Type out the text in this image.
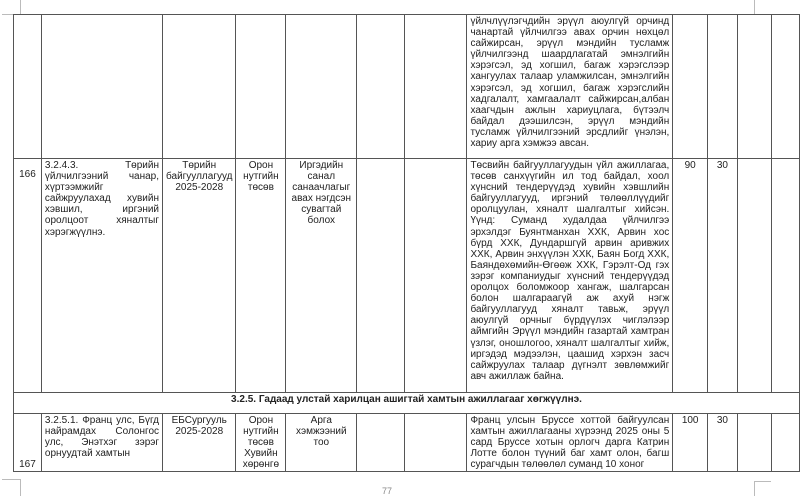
							үйлчлүүлэгчдийн эрүүл аюулгүй орчинд чанартай үйлчилгээ авах орчин нөхцөл сайжирсан, эрүүл мэндийн тусламж үйлчилгээнд шаардлагатай эмнэлгийн хэрэгсэл, эд хогшил, багаж хэрэгслээр хангуулах талаар уламжилсан, эмнэлгийн хэрэгсэл, эд хогшил, багаж хэрэгслийн хадгалалт, хамгаалалт сайжирсан,албан хаагчдын ажлын хариуцлага, бүтээлч байдал дээшилсэн, эрүүл мэндийн тусламж үйлчилгээний эрсдлийг үнэлэн, хариу арга хэмжээ авсан.				
166	3.2.4.3. Төрийн үйлчилгээний чанар, хүртээмжийг сайжруулахад хувийн хэвшил, иргэний оролцоот хяналтыг хэрэгжүүлнэ.	Төрийн байгууллагууд 2025-2028	Орон нутгийн төсөв	Иргэдийн санал санаачлагыг авах нэгдсэн сувагтай болох			Төсвийн байгууллагуудын үйл ажиллагаа, төсөв санхүүгийн ил тод байдал, хоол хүнсний тендерүүдэд хувийн хэвшлийн байгууллагууд, иргэний төлөөллүүдийг оролцуулан, хяналт шалгалтыг хийсэн. Үүнд: Суманд худалдаа үйлчилгээ эрхэлдэг Буянтманхан ХХК, Арвин хос бүрд ХХК, Дундаршгүй арвин аривжих ХХК, Арвин энхүүлэн ХХК, Баян Богд ХХК, Баяндөхөмийн-Өгөөж ХХК, Гэрэлт-Од гэх зэрэг компаниудыг хүнсний тендерүүдэд оролцох боломжоор хангаж, шалгарсан болон шалгараагүй аж ахуй нэгж байгууллагууд хяналт тавьж, эрүүл аюулгүй орчныг бүрдүүлэх чиглэлээр аймгийн Эрүүл мэндийн газартай хамтран үзлэг, оношлогоо, хяналт шалгалтыг хийж, иргэдэд мэдээлэн, цаашид хэрхэн засч сайжруулах талаар дүгнэлт зөвлөмжийг авч ажиллаж байна.	90	30		
3.2.5. Гадаад улстай харилцан ашигтай хамтын ажиллагааг хөгжүүлнэ.											
167	3.2.5.1. Франц улс, Бүгд найрамдах Солонгос улс, Энэтхэг зэрэг орнуудтай хамтын	ЕБСургууль 2025-2028	Орон нутгийн төсөв Хувийн хөрөнгө	Арга хэмжээний тоо			Франц улсын Бруссе хоттой байгуулсан хамтын ажиллагааны хүрээнд 2025 оны 5 сард Бруссе хотын орлогч дарга Катрин Лотте болон түүний баг хамт олон, багш сурагчдын төлөөлөл суманд 10 хоног	100	30		
77
